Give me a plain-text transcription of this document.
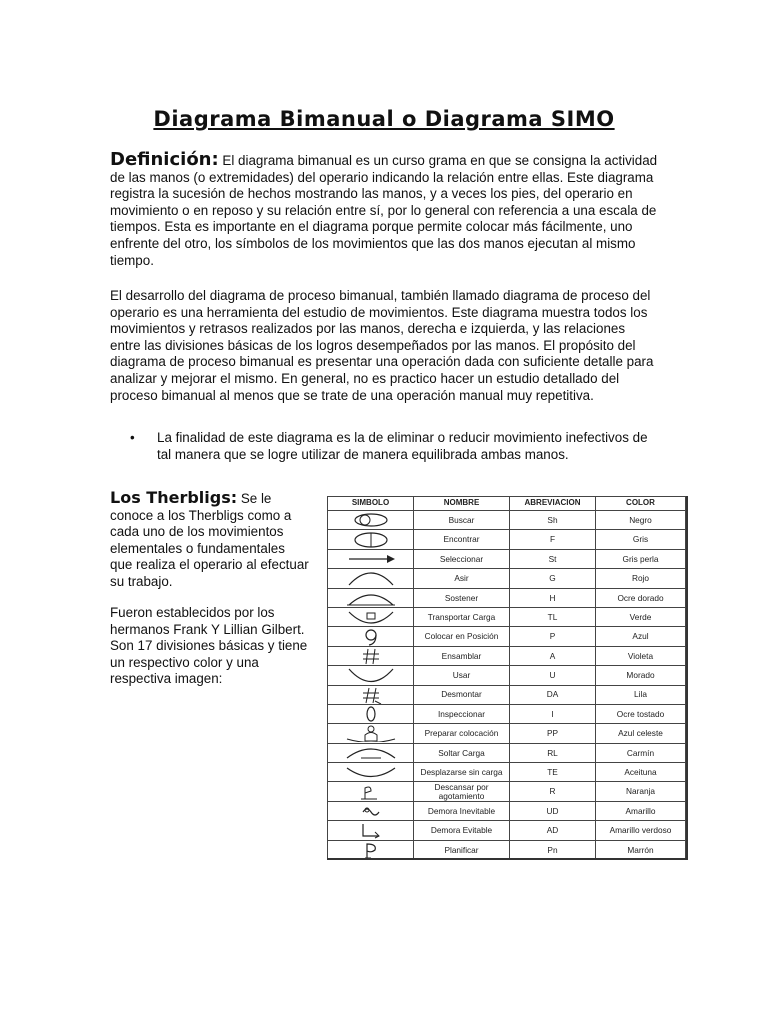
Diagrama Bimanual o Diagrama SIMO

Definición: El diagrama bimanual es un curso grama en que se consigna la actividad de las manos (o extremidades) del operario indicando la relación entre ellas. Este diagrama registra la sucesión de hechos mostrando las manos, y a veces los pies, del operario en movimiento o en reposo y su relación entre sí, por lo general con referencia a una escala de tiempos. Esta es importante en el diagrama porque permite colocar más fácilmente, uno enfrente del otro, los símbolos de los movimientos que las dos manos ejecutan al mismo tiempo.

El desarrollo del diagrama de proceso bimanual, también llamado diagrama de proceso del operario es una herramienta del estudio de movimientos. Este diagrama muestra todos los movimientos y retrasos realizados por las manos, derecha e izquierda, y las relaciones entre las divisiones básicas de los logros desempeñados por las manos. El propósito del diagrama de proceso bimanual es presentar una operación dada con suficiente detalle para analizar y mejorar el mismo. En general, no es practico hacer un estudio detallado del proceso bimanual al menos que se trate de una operación manual muy repetitiva.

• La finalidad de este diagrama es la de eliminar o reducir movimiento inefectivos de tal manera que se logre utilizar de manera equilibrada ambas manos.

Los Therbligs: Se le conoce a los Therbligs como a cada uno de los movimientos elementales o fundamentales que realiza el operario al efectuar su trabajo.

Fueron establecidos por los hermanos Frank Y Lillian Gilbert. Son 17 divisiones básicas y tiene un respectivo color y una respectiva imagen:

SIMBOLO	NOMBRE	ABREVIACION	COLOR

	Buscar	Sh	Negro

	Encontrar	F	Gris

	Seleccionar	St	Gris perla

	Asir	G	Rojo

	Sostener	H	Ocre dorado

	Transportar Carga	TL	Verde

	Colocar en Posición	P	Azul

	Ensamblar	A	Violeta

	Usar	U	Morado

	Desmontar	DA	Lila

	Inspeccionar	I	Ocre tostado

	Preparar colocación	PP	Azul celeste

	Soltar Carga	RL	Carmín

	Desplazarse sin carga	TE	Aceituna

	Descansar por agotamiento	R	Naranja

	Demora Inevitable	UD	Amarillo

	Demora Evitable	AD	Amarillo verdoso

	Planificar	Pn	Marrón
